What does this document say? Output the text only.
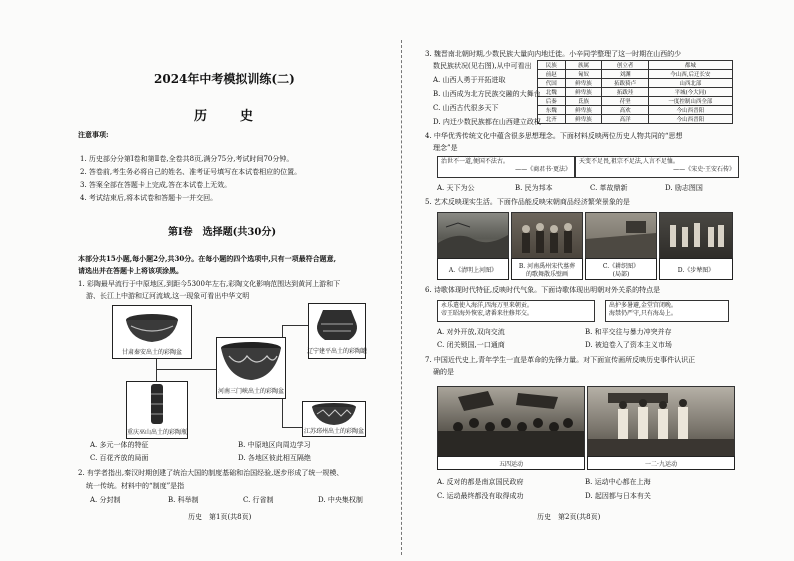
2024年中考模拟训练(二)
历　史
注意事项:
1. 历史部分分第Ⅰ卷和第Ⅱ卷,全卷共8页,满分75分,考试时间70分钟。
2. 答卷前,考生务必将自己的姓名、准考证号填写在本试卷相应的位置。
3. 答案全部在答题卡上完成,答在本试卷上无效。
4. 考试结束后,将本试卷和答题卡一并交回。
第Ⅰ卷　选择题(共30分)
本部分共15小题,每小题2分,共30分。在每小题的四个选项中,只有一项最符合题意,
请选出并在答题卡上将该项涂黑。
1. 彩陶最早流行于中原地区,到距今5300年左右,彩陶文化影响范围达到黄河上游和下
游、长江上中游和辽河流域,这一现象可看出中华文明
甘肃秦安出土的彩陶盆	辽宁建平出土的彩陶罐
河南三门峡出土的彩陶盆
重庆巫山出土的彩陶瓶	江苏邳州出土的彩陶盆
A. 多元一体的特征	B. 中原地区向周边学习
C. 百花齐放的局面	D. 各地区彼此相互隔绝
2. 有学者指出,秦汉时期创建了统治大国的制度基础和治国经验,逐步形成了统一规模、
统一传统。材料中的“制度”是指
A. 分封制	B. 科举制	C. 行省制	D. 中央集权制
历史　第1页(共8页)
3. 魏晋南北朝时期,少数民族大量向内地迁徙。小辛同学整理了这一时期在山西的少
数民族状况(见右图),从中可看出	民族	族属	创立者	都城
前赵	匈奴	刘渊	今山西,后迁长安
代国	鲜卑族	拓跋猗卢	山西北部
北魏	鲜卑族	拓跋珪	平城(今大同)
后秦	氐族	苻坚	一度控制山西全部
东魏	鲜卑族	高欢	今山西晋阳
北齐	鲜卑族	高洋	今山西晋阳
A. 山西人勇于开拓进取
B. 山西成为北方民族交融的大舞台
C. 山西古代很多天下
D. 内迁少数民族都在山西建立政权
4. 中华优秀传统文化中蕴含很多思想理念。下面材料反映两位历史人物共同的“思想
理念”是
治世不一道,便国不法古。
——《商君书·更法》
天变不足畏,祖宗不足法,人言不足恤。
——《宋史·王安石传》
A. 天下为公	B. 民为邦本	C. 革故鼎新	D. 励志图国
5. 艺术反映现实生活。下面作品能反映宋朝商品经济繁荣景象的是
A.《清明上河图》
B. 河南禹州宋代墓葬
的歌舞散乐壁画
C.《耕织图》
(局部)
D.《步辇图》
6. 诗歌体现时代特征,反映时代气象。下面诗歌体现出明朝对外关系的特点是
永乐遣使入海洋,四海万里来朝贡。
帝王昭海外恢宏,诸番来往修邦交。
出护多暑避,金堂宫闭晚。
海禁仍严守,只有海岛上。
A. 对外开放,双向交流	B. 和平交往与暴力冲突并存
C. 闭关锁国,一口通商	D. 被迫卷入了资本主义市场
7. 中国近代史上,青年学生一直是革命的先锋力量。对下面宣传画所反映历史事件认识正
确的是
五四运动	一二·九运动
A. 反对的都是南京国民政府	B. 运动中心都在上海
C. 运动最终都没有取得成功	D. 起因都与日本有关
历史　第2页(共8页)
